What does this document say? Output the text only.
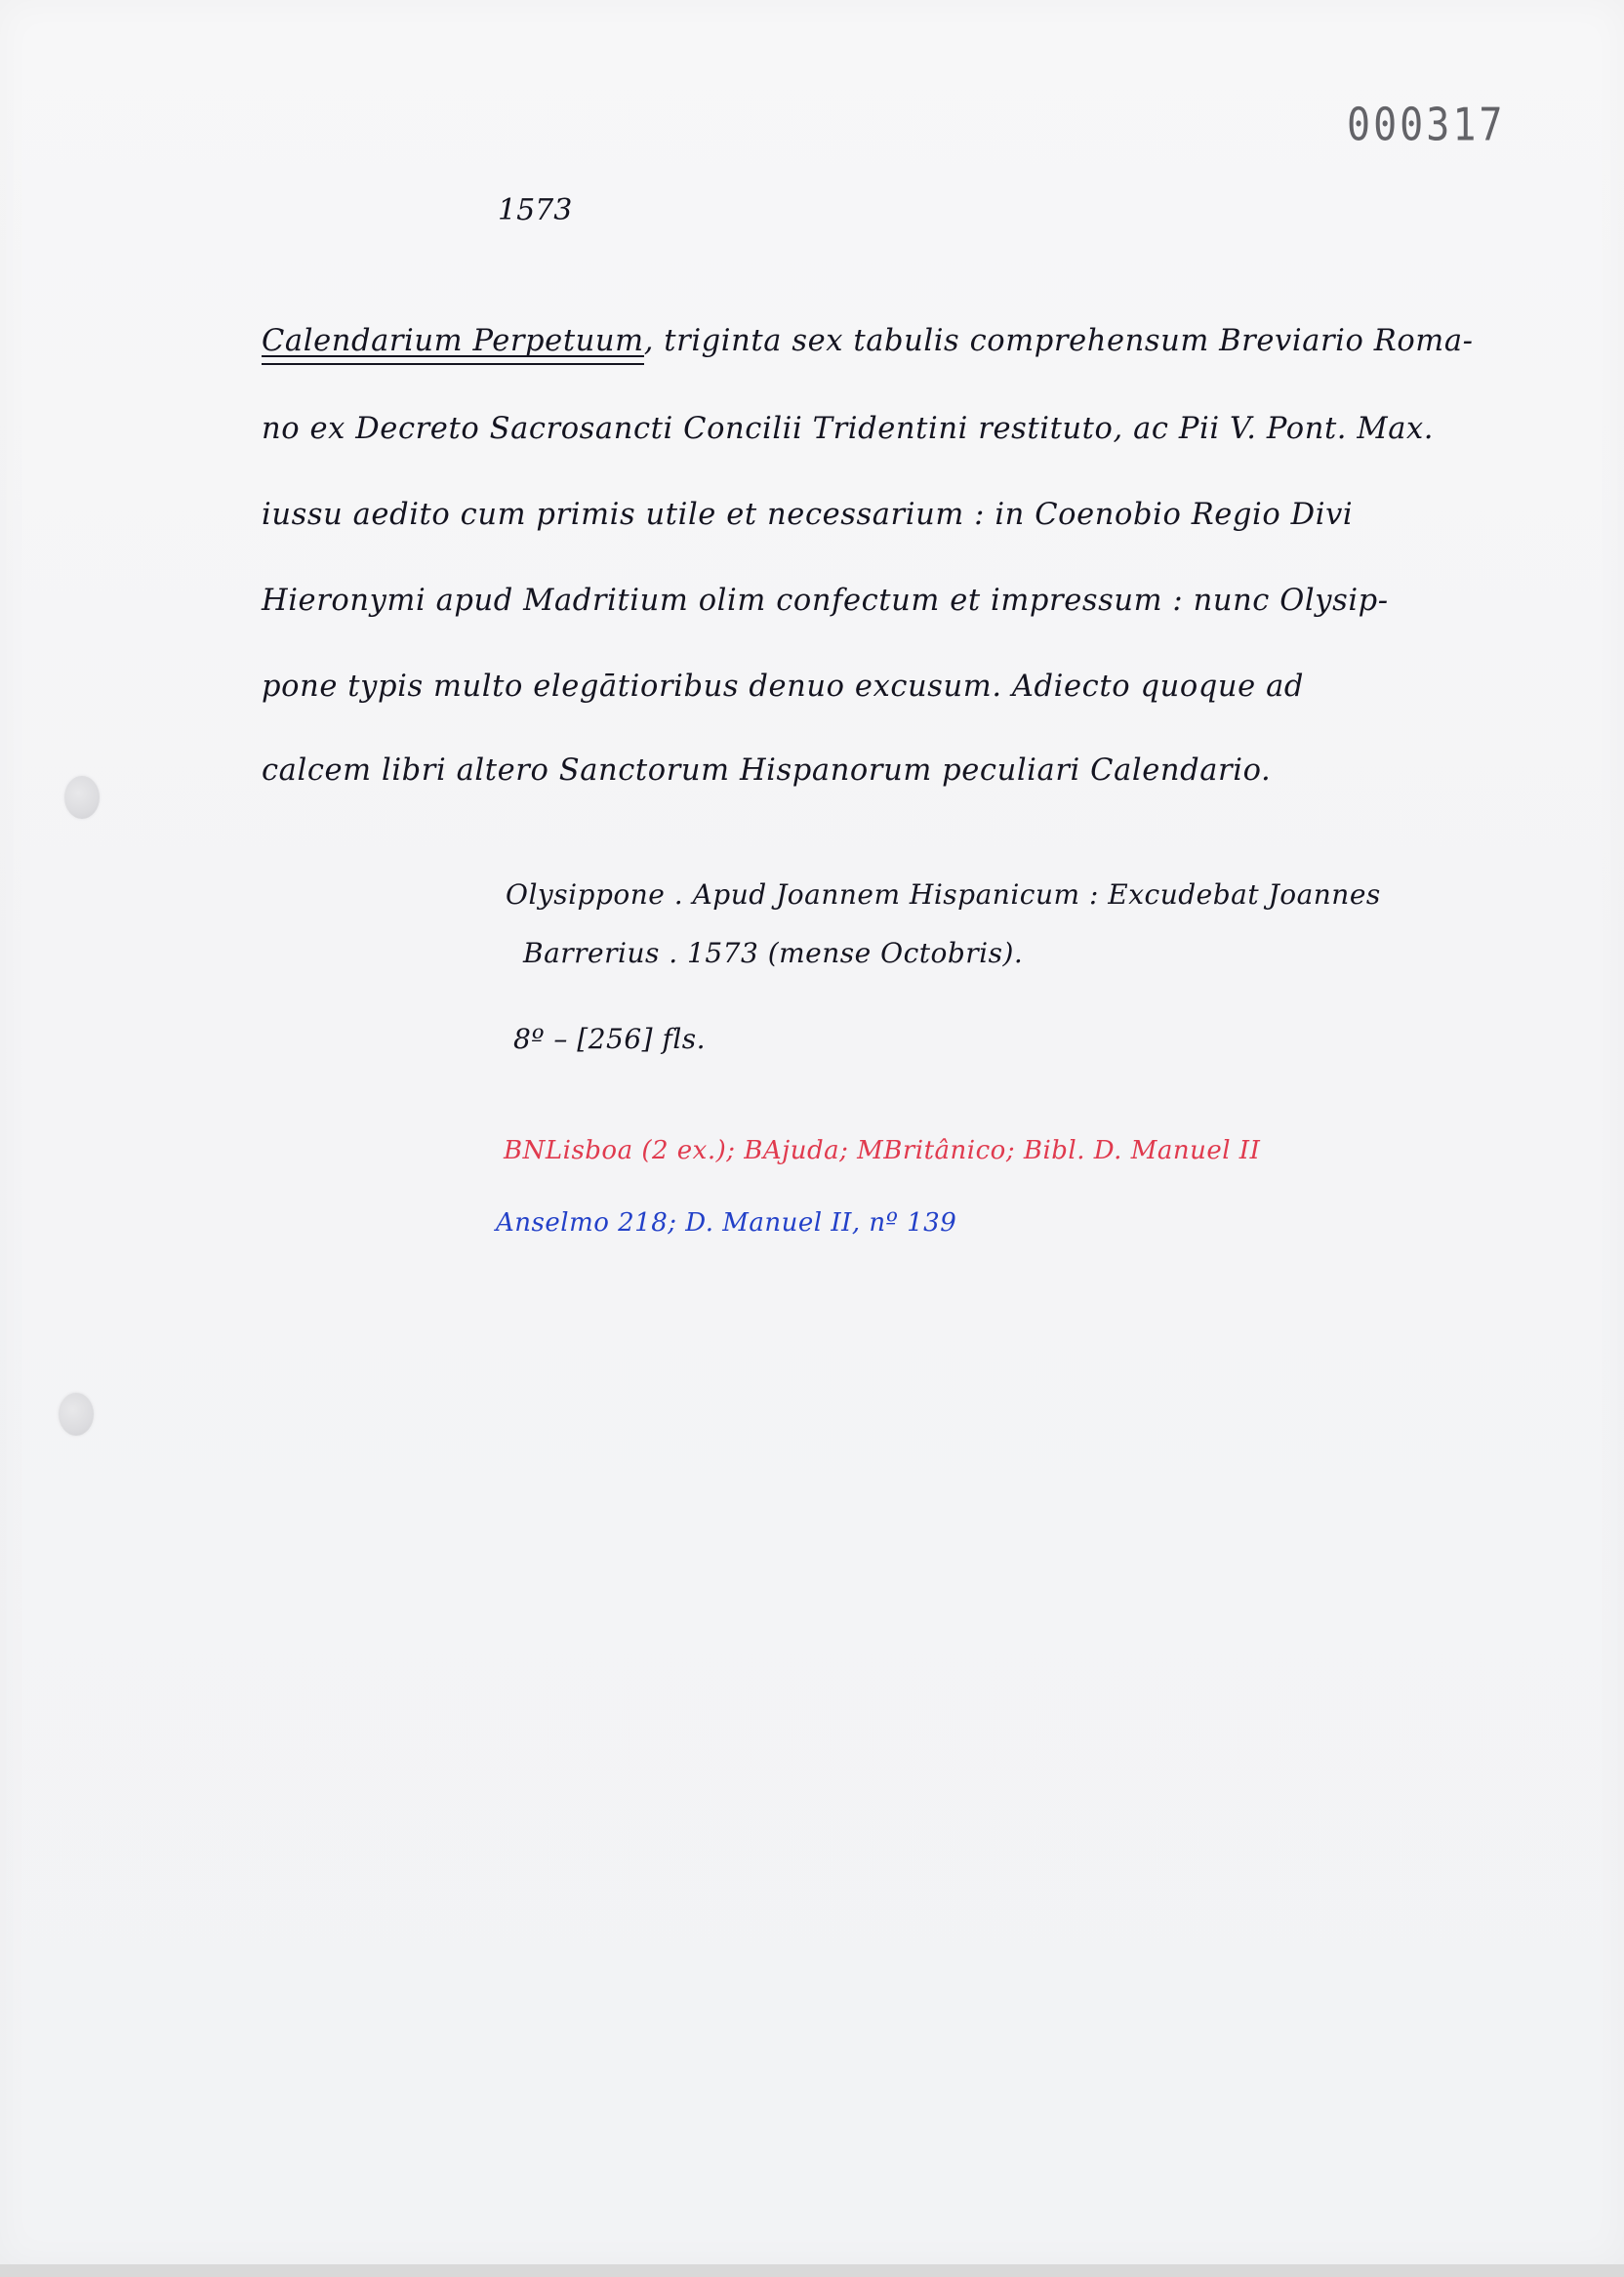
000317
1573
Calendarium Perpetuum, triginta sex tabulis comprehensum Breviario Roma-
no ex Decreto Sacrosancti Concilii Tridentini restituto, ac Pii V. Pont. Max.
iussu aedito cum primis utile et necessarium : in Coenobio Regio Divi
Hieronymi apud Madritium olim confectum et impressum : nunc Olysip-
pone typis multo elegātioribus denuo excusum. Adiecto quoque ad
calcem libri altero Sanctorum Hispanorum peculiari Calendario.
Olysippone . Apud Joannem Hispanicum : Excudebat Joannes
Barrerius . 1573 (mense Octobris).
8º – [256] fls.
BNLisboa (2 ex.); BAjuda; MBritânico; Bibl. D. Manuel II
Anselmo 218; D. Manuel II, nº 139
